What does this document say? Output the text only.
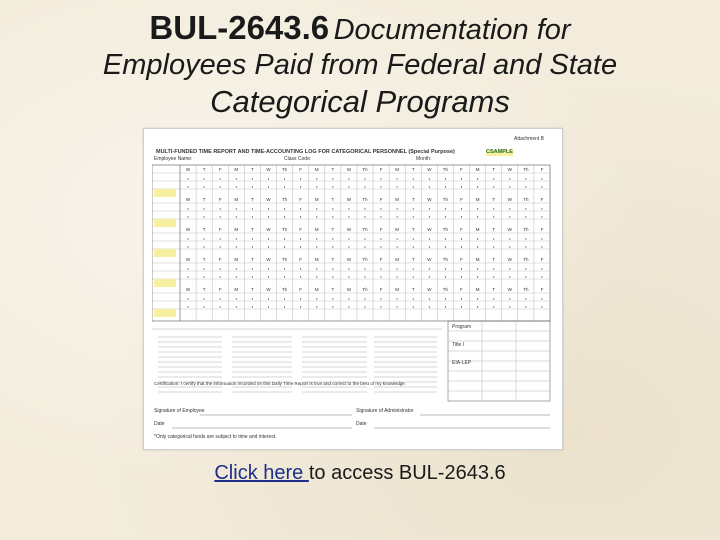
BUL-2643.6 Documentation for
Employees Paid from Federal and State
Categorical Programs
Attachment B
MULTI-FUNDED TIME REPORT AND TIME-ACCOUNTING LOG FOR CATEGORICAL PERSONNEL (Special Purpose)	CSAMPLE
Employee Name:	Class Code:	Month:
W	T	F	M	T	W	Th	F	M	T	W	Th	F	M	T	W	Th	F	M	T	W	Th	F
W	T	F	M	T	W	Th	F	M	T	W	Th	F	M	T	W	Th	F	M	T	W	Th	F
W	T	F	M	T	W	Th	F	M	T	W	Th	F	M	T	W	Th	F	M	T	W	Th	F
W	T	F	M	T	W	Th	F	M	T	W	Th	F	M	T	W	Th	F	M	T	W	Th	F
W	T	F	M	T	W	Th	F	M	T	W	Th	F	M	T	W	Th	F	M	T	W	Th	F
Program
Title I
EIA-LEP
Certification: I certify that the information recorded on this Daily Time Report is true and correct to the best of my knowledge.
Signature of Employee	Signature of Administrator
Date	Date
*Only categorical funds are subject to time and interest.
Click here to access BUL-2643.6
